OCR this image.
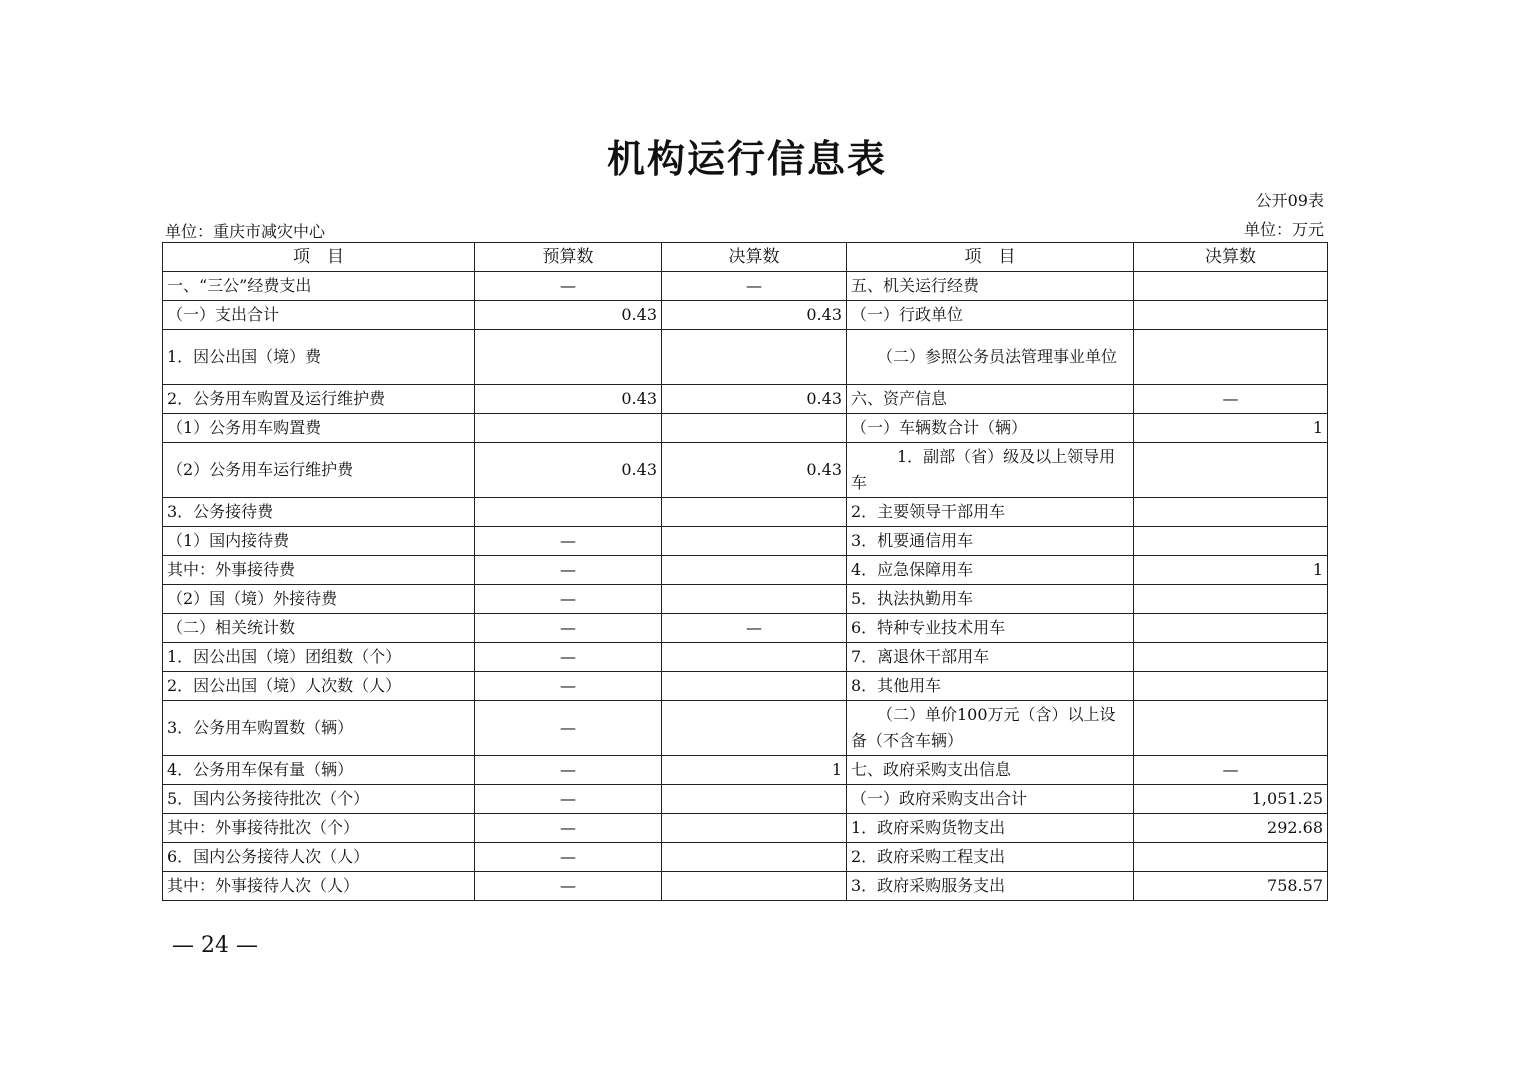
机构运行信息表
公开09表
单位：重庆市减灾中心	单位：万元
项　目	预算数	决算数	项　目	决算数
一、“三公”经费支出	—	—	五、机关运行经费	
（一）支出合计	0.43	0.43	（一）行政单位	
1．因公出国（境）费			（二）参照公务员法管理事业单位	
2．公务用车购置及运行维护费	0.43	0.43	六、资产信息	—
（1）公务用车购置费			（一）车辆数合计（辆）	1
（2）公务用车运行维护费	0.43	0.43	1．副部（省）级及以上领导用车	
3．公务接待费			2．主要领导干部用车	
（1）国内接待费	—		3．机要通信用车	
其中：外事接待费	—		4．应急保障用车	1
（2）国（境）外接待费	—		5．执法执勤用车	
（二）相关统计数	—	—	6．特种专业技术用车	
1．因公出国（境）团组数（个）	—		7．离退休干部用车	
2．因公出国（境）人次数（人）	—		8．其他用车	
3．公务用车购置数（辆）	—		（二）单价100万元（含）以上设备（不含车辆）	
4．公务用车保有量（辆）	—	1	七、政府采购支出信息	—
5．国内公务接待批次（个）	—		（一）政府采购支出合计	1,051.25
其中：外事接待批次（个）	—		1．政府采购货物支出	292.68
6．国内公务接待人次（人）	—		2．政府采购工程支出	
其中：外事接待人次（人）	—		3．政府采购服务支出	758.57
— 24 —
